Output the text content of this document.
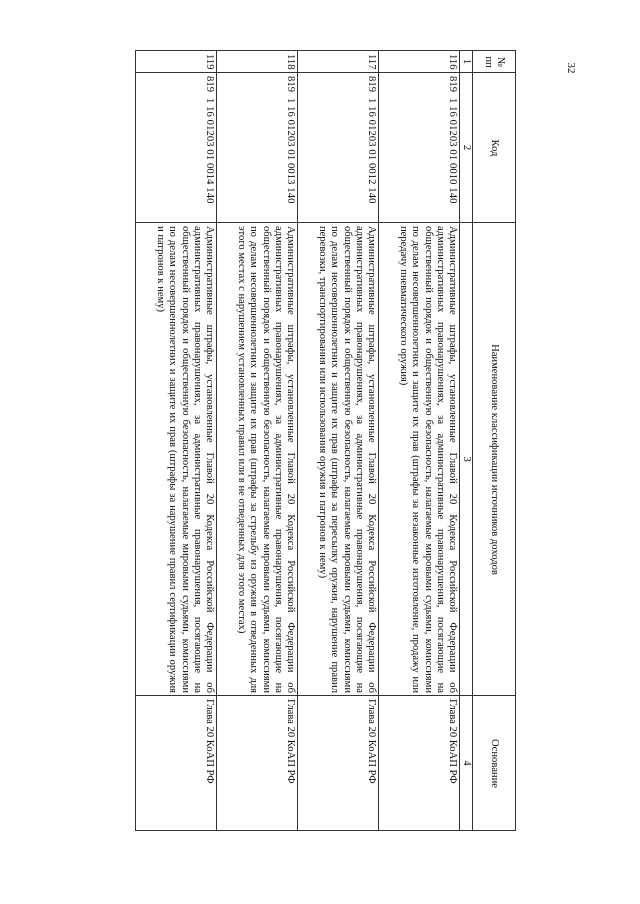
32
№ пп	Код	Наименование классификации источников доходов	Основание
1	2	3	4
116	8191 16 01203 01 0010 140	Административные штрафы, установленные Главой 20 Кодекса Российской Федерации об административных правонарушениях, за административные правонарушения, посягающие на общественный порядок и общественную безопасность, налагаемые мировыми судьями, комиссиями по делам несовершеннолетних и защите их прав (штрафы за незаконные изготовление, продажу или передачу пневматического оружия)	Глава 20 КоАП РФ
117	8191 16 01203 01 0012 140	Административные штрафы, установленные Главой 20 Кодекса Российской Федерации об административных правонарушениях, за административные правонарушения, посягающие на общественный порядок и общественную безопасность, налагаемые мировыми судьями, комиссиями по делам несовершеннолетних и защите их прав (штрафы за пересылку оружия, нарушение правил перевозки, транспортирования или использования оружия и патронов к нему)	Глава 20 КоАП РФ
118	8191 16 01203 01 0013 140	Административные штрафы, установленные Главой 20 Кодекса Российской Федерации об административных правонарушениях, за административные правонарушения, посягающие на общественный порядок и общественную безопасность, налагаемые мировыми судьями, комиссиями по делам несовершеннолетних и защите их прав (штрафы за стрельбу из оружия в отведенных для этого местах с нарушением установленных правил или в не отведенных для этого местах)	Глава 20 КоАП РФ
119	8191 16 01203 01 0014 140	Административные штрафы, установленные Главой 20 Кодекса Российской Федерации об административных правонарушениях, за административные правонарушения, посягающие на общественный порядок и общественную безопасность, налагаемые мировыми судьями, комиссиями по делам несовершеннолетних и защите их прав (штрафы за нарушение правил сертификации оружия и патронов к нему)	Глава 20 КоАП РФ
